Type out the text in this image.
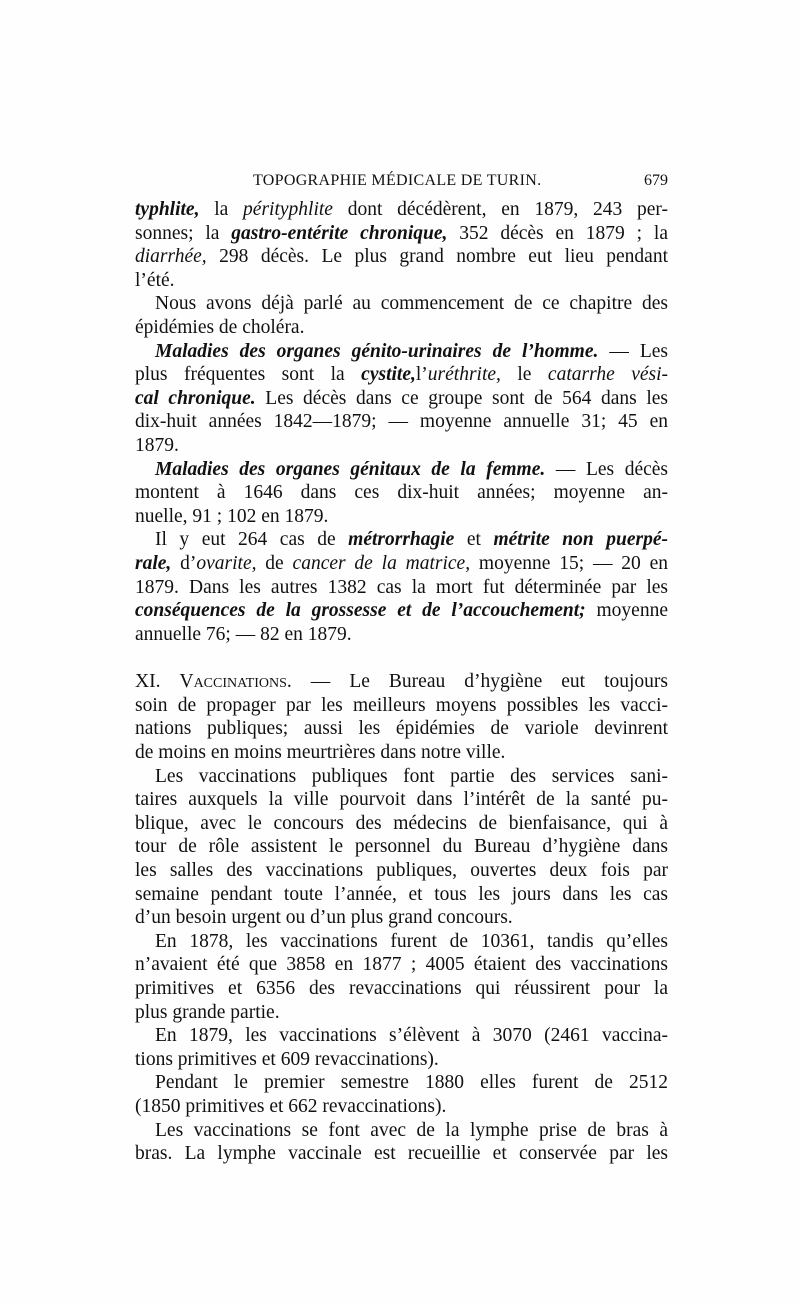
TOPOGRAPHIE MÉDICALE DE TURIN.	679
typhlite, la pérityphlite dont décédèrent, en 1879, 243 per-
sonnes; la gastro-entérite chronique, 352 décès en 1879 ; la
diarrhée, 298 décès. Le plus grand nombre eut lieu pendant
l’été.
Nous avons déjà parlé au commencement de ce chapitre des
épidémies de choléra.
Maladies des organes génito-urinaires de l’homme. — Les
plus fréquentes sont la cystite,l’uréthrite, le catarrhe vési-
cal chronique. Les décès dans ce groupe sont de 564 dans les
dix-huit années 1842—1879; — moyenne annuelle 31; 45 en
1879.
Maladies des organes génitaux de la femme. — Les décès
montent à 1646 dans ces dix-huit années; moyenne an-
nuelle, 91 ; 102 en 1879.
Il y eut 264 cas de métrorrhagie et métrite non puerpé-
rale, d’ovarite, de cancer de la matrice, moyenne 15; — 20 en
1879. Dans les autres 1382 cas la mort fut déterminée par les
conséquences de la grossesse et de l’accouchement; moyenne
annuelle 76; — 82 en 1879.
XI. Vaccinations. — Le Bureau d’hygiène eut toujours
soin de propager par les meilleurs moyens possibles les vacci-
nations publiques; aussi les épidémies de variole devinrent
de moins en moins meurtrières dans notre ville.
Les vaccinations publiques font partie des services sani-
taires auxquels la ville pourvoit dans l’intérêt de la santé pu-
blique, avec le concours des médecins de bienfaisance, qui à
tour de rôle assistent le personnel du Bureau d’hygiène dans
les salles des vaccinations publiques, ouvertes deux fois par
semaine pendant toute l’année, et tous les jours dans les cas
d’un besoin urgent ou d’un plus grand concours.
En 1878, les vaccinations furent de 10361, tandis qu’elles
n’avaient été que 3858 en 1877 ; 4005 étaient des vaccinations
primitives et 6356 des revaccinations qui réussirent pour la
plus grande partie.
En 1879, les vaccinations s’élèvent à 3070 (2461 vaccina-
tions primitives et 609 revaccinations).
Pendant le premier semestre 1880 elles furent de 2512
(1850 primitives et 662 revaccinations).
Les vaccinations se font avec de la lymphe prise de bras à
bras. La lymphe vaccinale est recueillie et conservée par les
